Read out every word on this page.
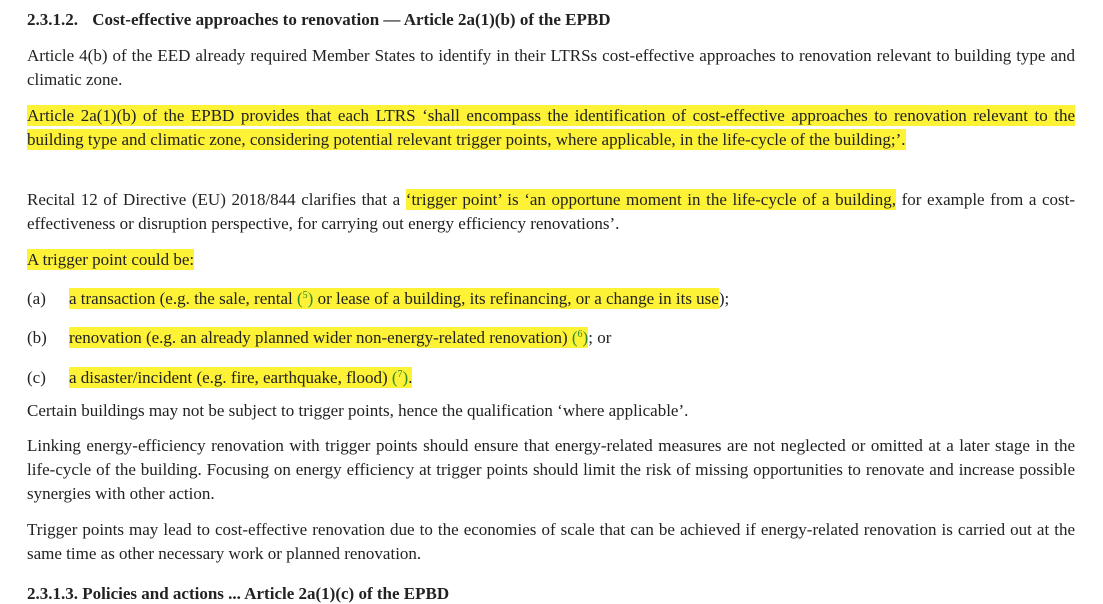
2.3.1.2. Cost-effective approaches to renovation — Article 2a(1)(b) of the EPBD
Article 4(b) of the EED already required Member States to identify in their LTRSs cost-effective approaches to renovation relevant to building type and climatic zone.
Article 2a(1)(b) of the EPBD provides that each LTRS ‘shall encompass the identification of cost-effective approaches to renovation relevant to the building type and climatic zone, considering potential relevant trigger points, where applicable, in the life-cycle of the building;’.
Recital 12 of Directive (EU) 2018/844 clarifies that a ‘trigger point’ is ‘an opportune moment in the life-cycle of a building, for example from a cost-effectiveness or disruption perspective, for carrying out energy efficiency renovations’.
A trigger point could be:
(a) a transaction (e.g. the sale, rental ($^5$) or lease of a building, its refinancing, or a change in its use);
(b) renovation (e.g. an already planned wider non-energy-related renovation) ($^6$); or
(c) a disaster/incident (e.g. fire, earthquake, flood) ($^7$).
Certain buildings may not be subject to trigger points, hence the qualification ‘where applicable’.
Linking energy-efficiency renovation with trigger points should ensure that energy-related measures are not neglected or omitted at a later stage in the life-cycle of the building. Focusing on energy efficiency at trigger points should limit the risk of missing opportunities to renovate and increase possible synergies with other action.
Trigger points may lead to cost-effective renovation due to the economies of scale that can be achieved if energy-related renovation is carried out at the same time as other necessary work or planned renovation.
2.3.1.3. Policies and actions ... Article 2a(1)(c) of the EPBD
